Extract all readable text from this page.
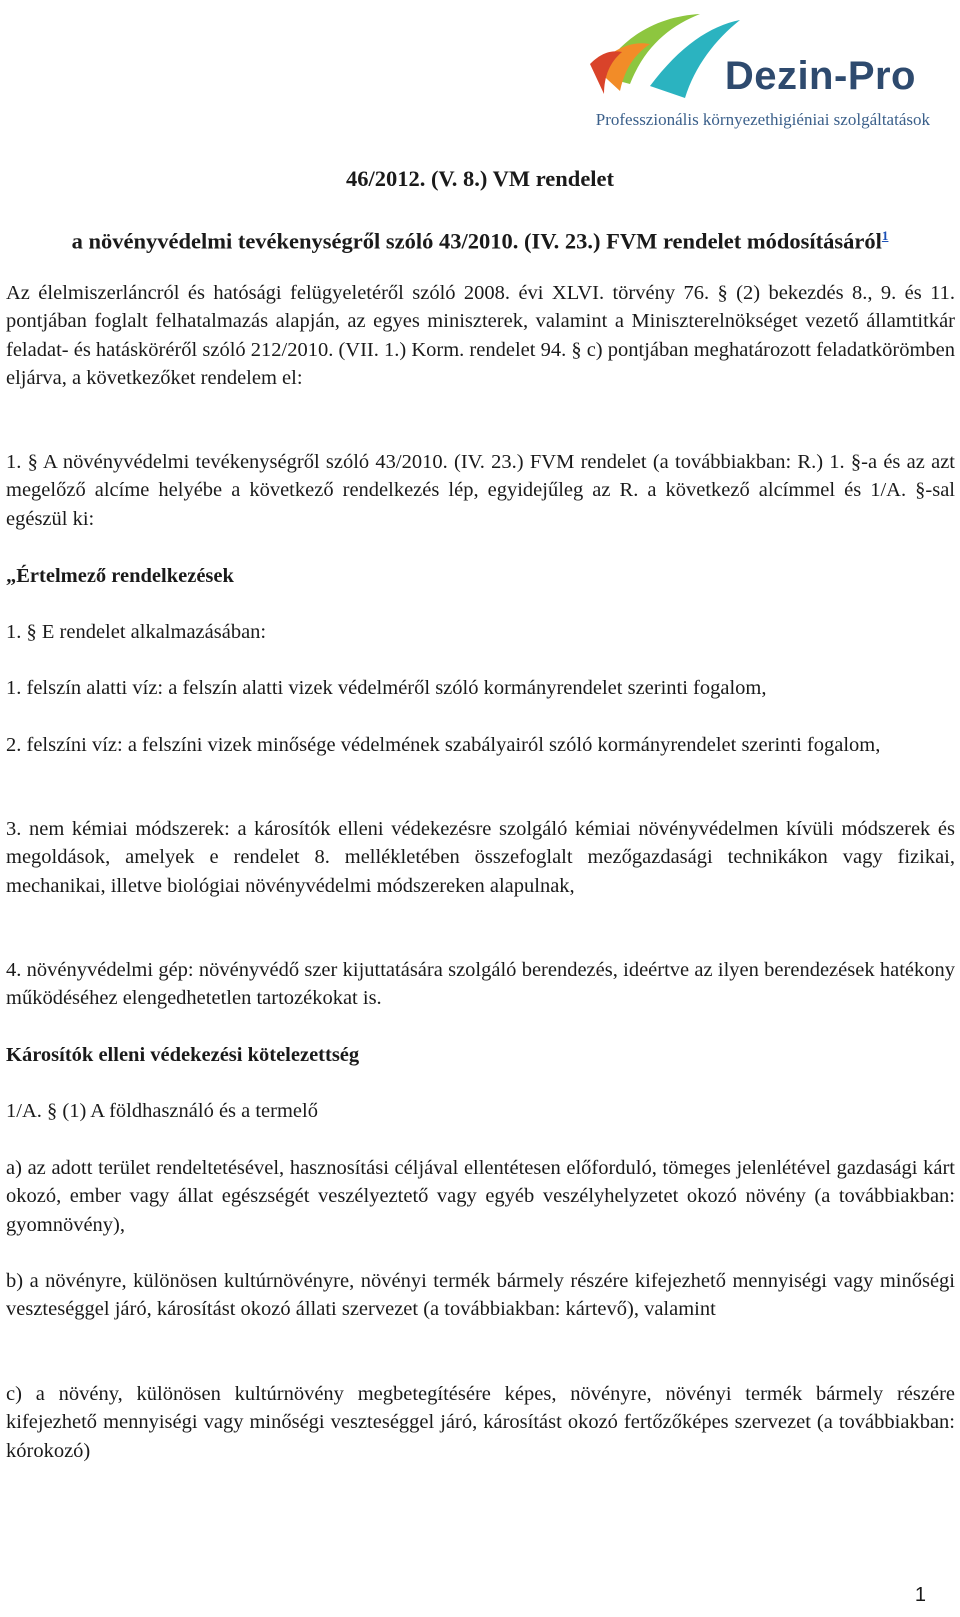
Dezin-Pro
Professzionális környezethigiéniai szolgáltatások

46/2012. (V. 8.) VM rendelet

a növényvédelmi tevékenységről szóló 43/2010. (IV. 23.) FVM rendelet módosításáról$^1$

Az élelmiszerláncról és hatósági felügyeletéről szóló 2008. évi XLVI. törvény 76. § (2) bekezdés 8., 9. és 11. pontjában foglalt felhatalmazás alapján, az egyes miniszterek, valamint a Miniszterelnökséget vezető államtitkár feladat- és hatásköréről szóló 212/2010. (VII. 1.) Korm. rendelet 94. § c) pontjában meghatározott feladatkörömben eljárva, a következőket rendelem el:

1. § A növényvédelmi tevékenységről szóló 43/2010. (IV. 23.) FVM rendelet (a továbbiakban: R.) 1. §-a és az azt megelőző alcíme helyébe a következő rendelkezés lép, egyidejűleg az R. a következő alcímmel és 1/A. §-sal egészül ki:

„Értelmező rendelkezések

1. § E rendelet alkalmazásában:

1. felszín alatti víz: a felszín alatti vizek védelméről szóló kormányrendelet szerinti fogalom,

2. felszíni víz: a felszíni vizek minősége védelmének szabályairól szóló kormányrendelet szerinti fogalom,

3. nem kémiai módszerek: a károsítók elleni védekezésre szolgáló kémiai növényvédelmen kívüli módszerek és megoldások, amelyek e rendelet 8. mellékletében összefoglalt mezőgazdasági technikákon vagy fizikai, mechanikai, illetve biológiai növényvédelmi módszereken alapulnak,

4. növényvédelmi gép: növényvédő szer kijuttatására szolgáló berendezés, ideértve az ilyen berendezések hatékony működéséhez elengedhetetlen tartozékokat is.

Károsítók elleni védekezési kötelezettség

1/A. § (1) A földhasználó és a termelő

a) az adott terület rendeltetésével, hasznosítási céljával ellentétesen előforduló, tömeges jelenlétével gazdasági kárt okozó, ember vagy állat egészségét veszélyeztető vagy egyéb veszélyhelyzetet okozó növény (a továbbiakban: gyomnövény),

b) a növényre, különösen kultúrnövényre, növényi termék bármely részére kifejezhető mennyiségi vagy minőségi veszteséggel járó, károsítást okozó állati szervezet (a továbbiakban: kártevő), valamint

c) a növény, különösen kultúrnövény megbetegítésére képes, növényre, növényi termék bármely részére kifejezhető mennyiségi vagy minőségi veszteséggel járó, károsítást okozó fertőzőképes szervezet (a továbbiakban: kórokozó)

1
